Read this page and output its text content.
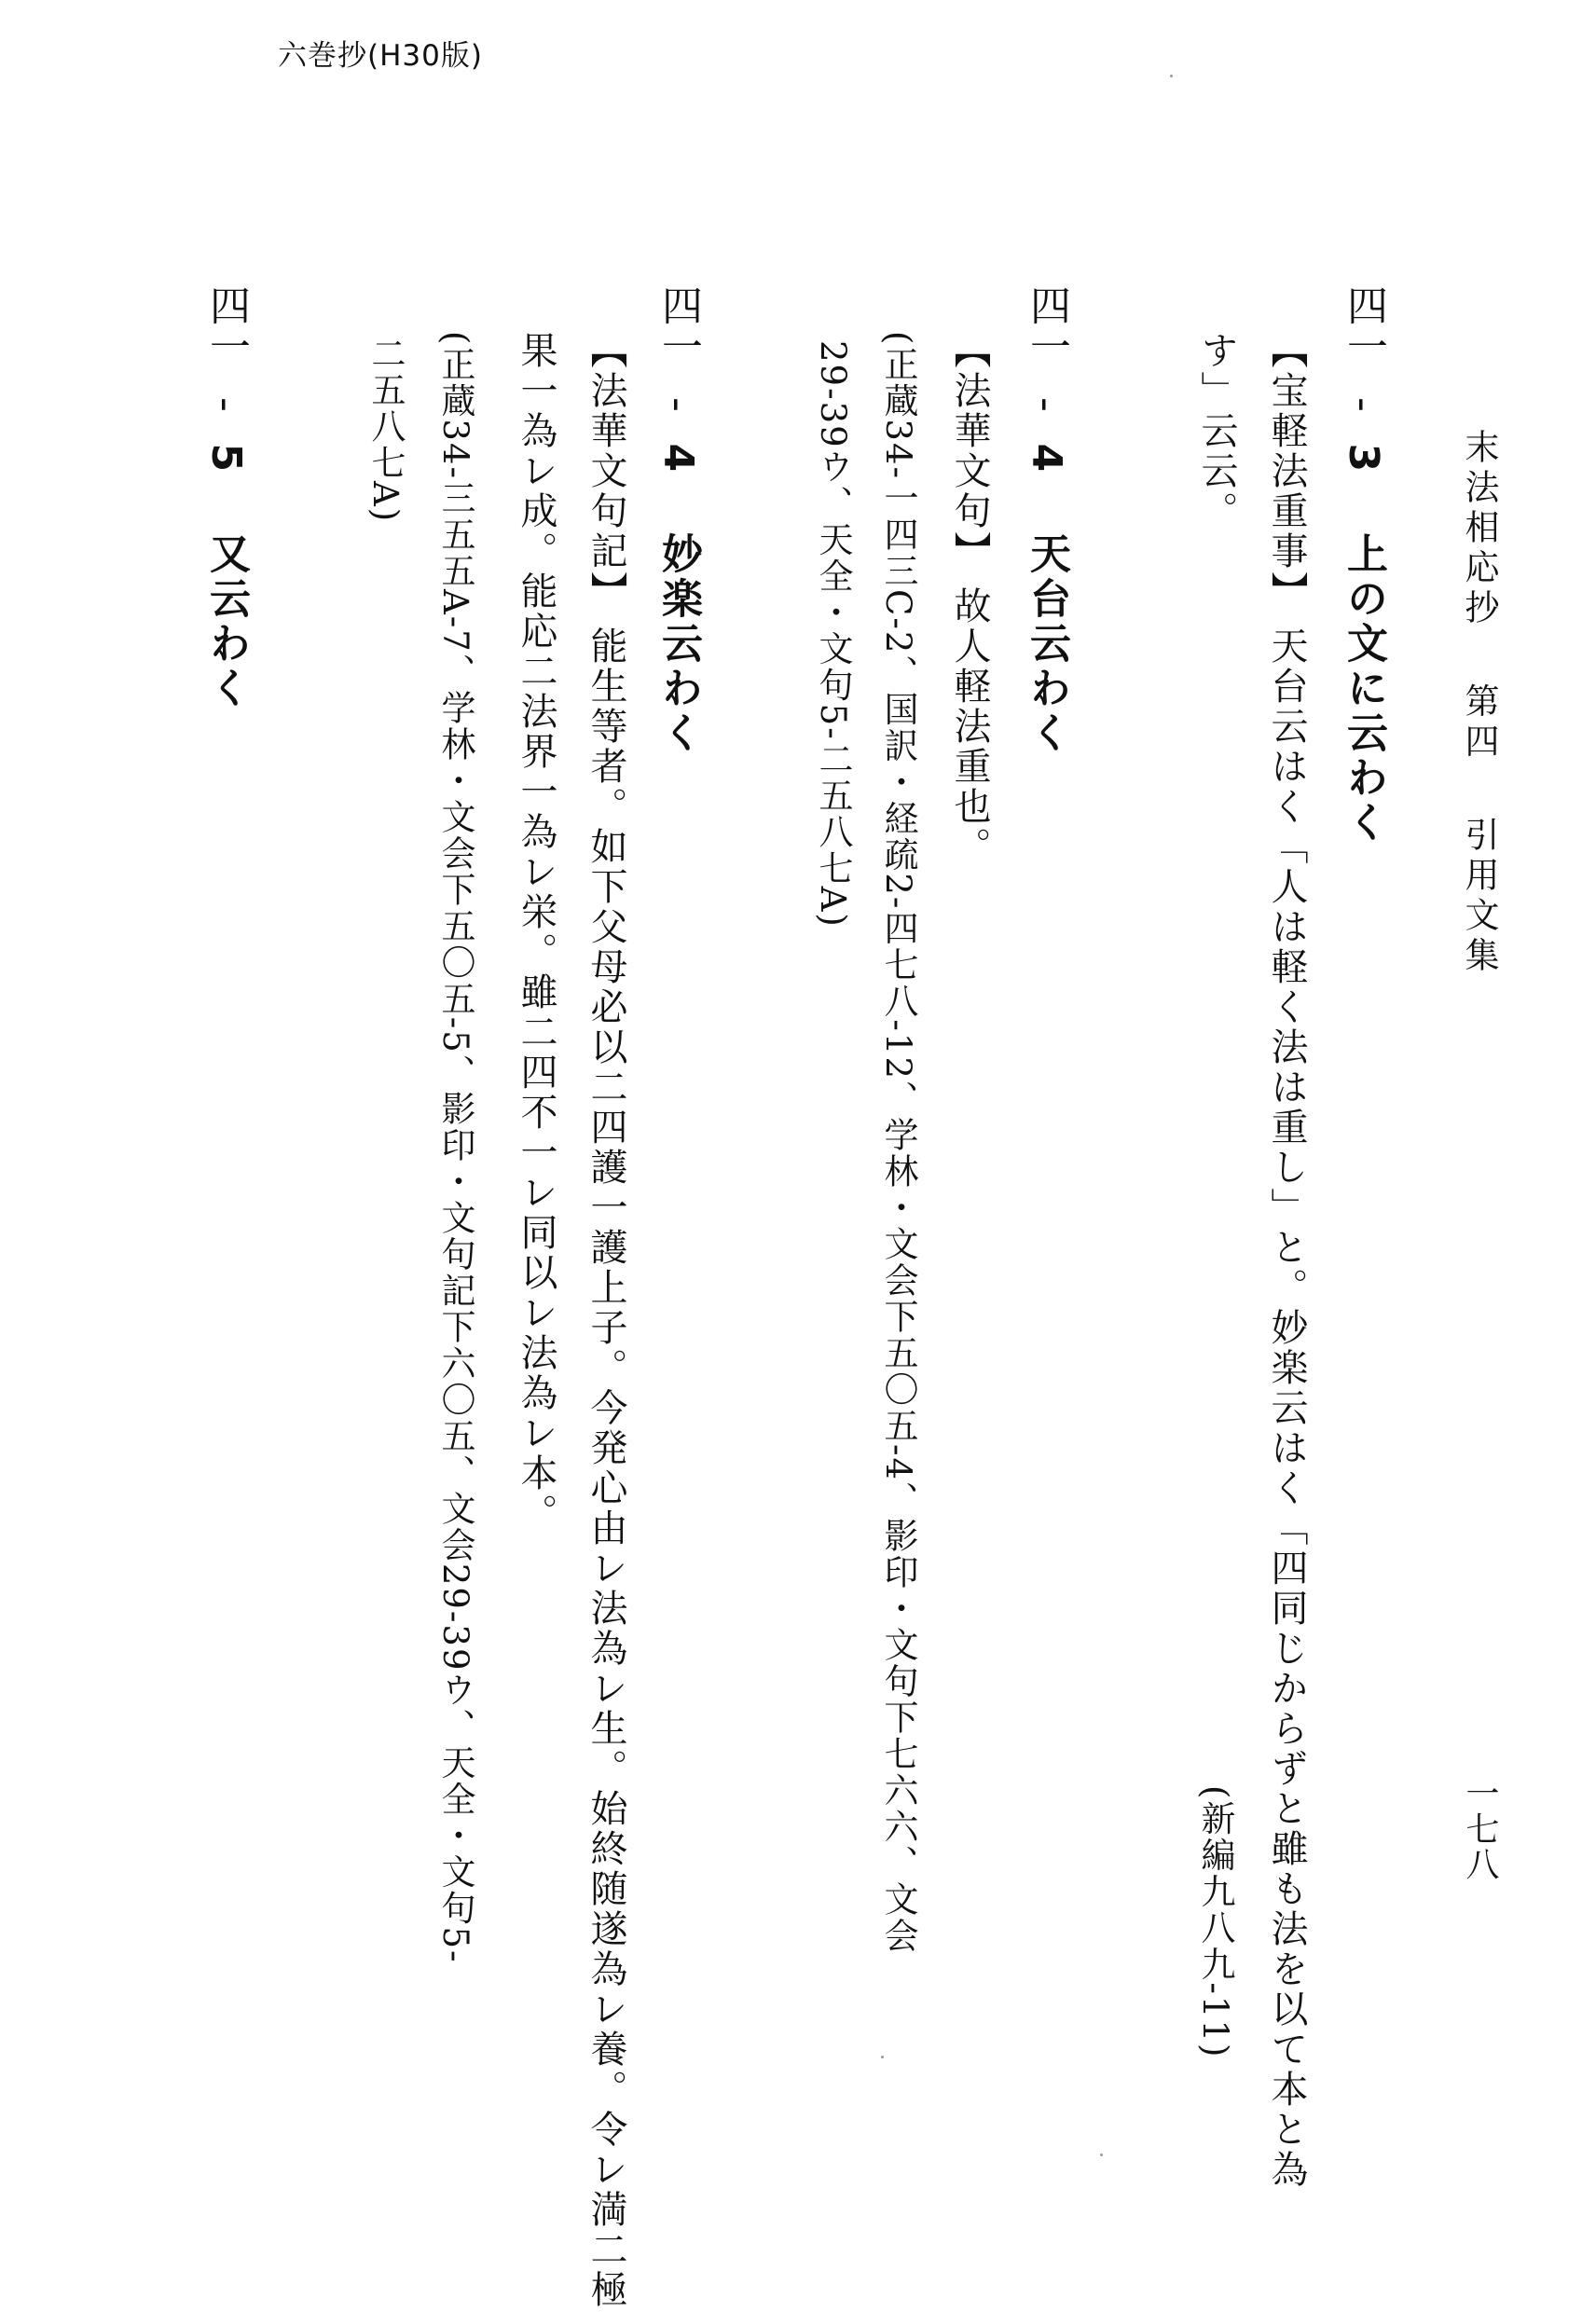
六巻抄(H30版)
末法相応抄  第四  引用文集
一七八
四一  -  3  上の文に云わく
【宝軽法重事】 天台云はく「人は軽く法は重し」と。妙楽云はく「四同じからずと雖も法を以て本と為
す」云云。
(新編九八九-11)
四一  -  4  天台云わく
【法華文句】 故人軽法重也。
(正蔵34-一四三C-2、国訳・経疏2-四七八-12、学林・文会下五〇五-4、影印・文句下七六六、文会
29-39ウ、天全・文句5-二五八七A)
四一  -  4  妙楽云わく
【法華文句記】 能生等者。如下父母必以二四護一護上子。今発心由レ法為レ生。始終随遂為レ養。令レ満二極
果一為レ成。能応二法界一為レ栄。雖二四不一レ同以レ法為レ本。
(正蔵34-三五五A-7、学林・文会下五〇五-5、影印・文句記下六〇五、文会29-39ウ、天全・文句5-
二五八七A)
四一  -  5  又云わく
